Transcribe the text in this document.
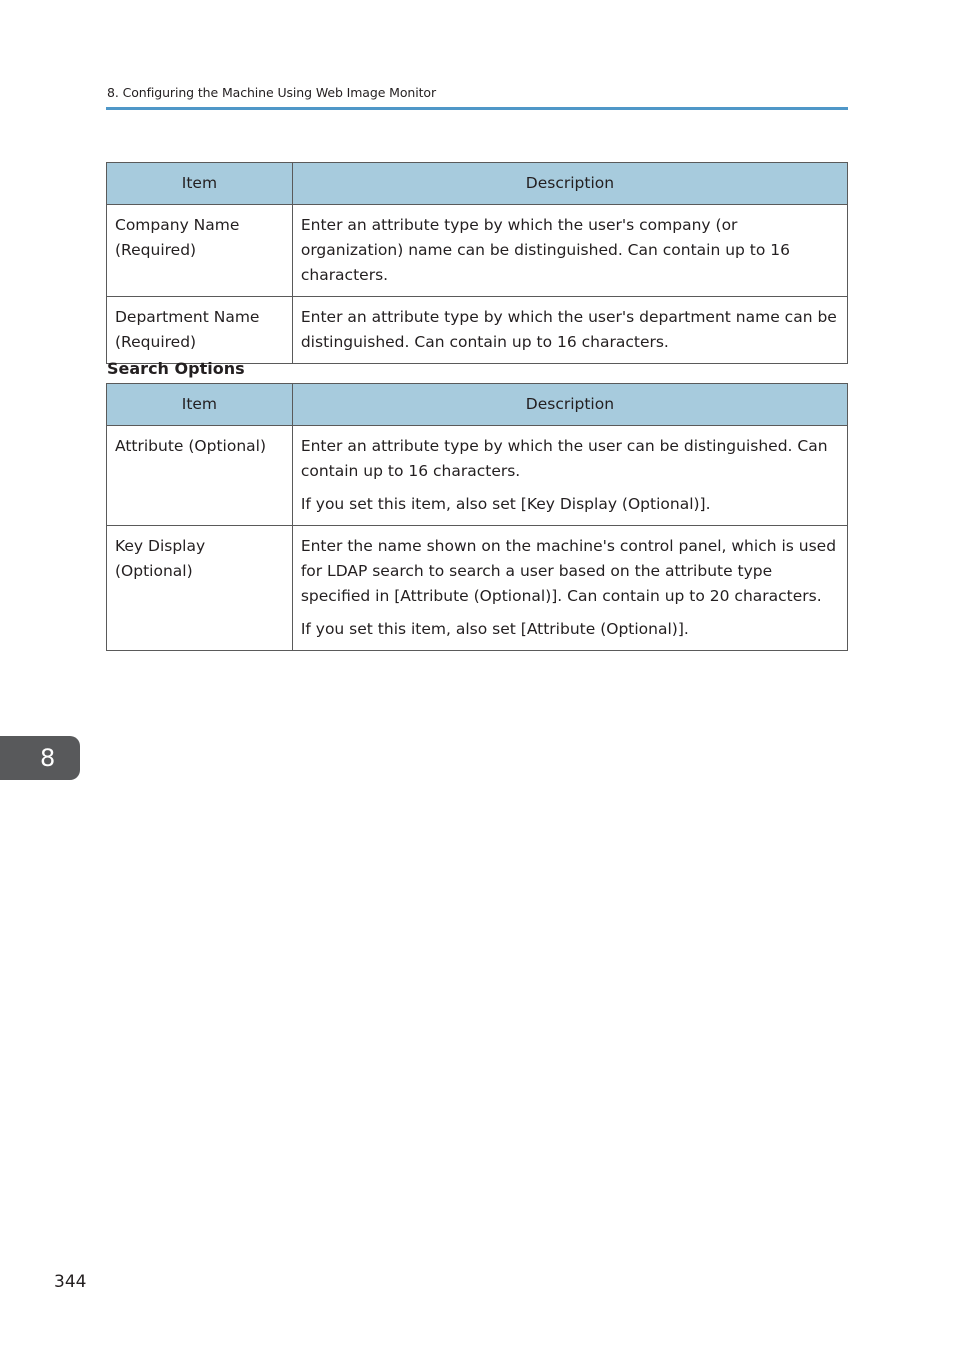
8. Configuring the Machine Using Web Image Monitor
Item	Description
Company Name (Required)	Enter an attribute type by which the user's company (or organization) name can be distinguished. Can contain up to 16 characters.

Department Name (Required)	Enter an attribute type by which the user's department name can be distinguished. Can contain up to 16 characters.

Search Options
Item	Description
Attribute (Optional)	Enter an attribute type by which the user can be distinguished. Can contain up to 16 characters.

If you set this item, also set [Key Display (Optional)].

Key Display (Optional)	Enter the name shown on the machine's control panel, which is used for LDAP search to search a user based on the attribute type specified in [Attribute (Optional)]. Can contain up to 20 characters.

If you set this item, also set [Attribute (Optional)].

8
344
